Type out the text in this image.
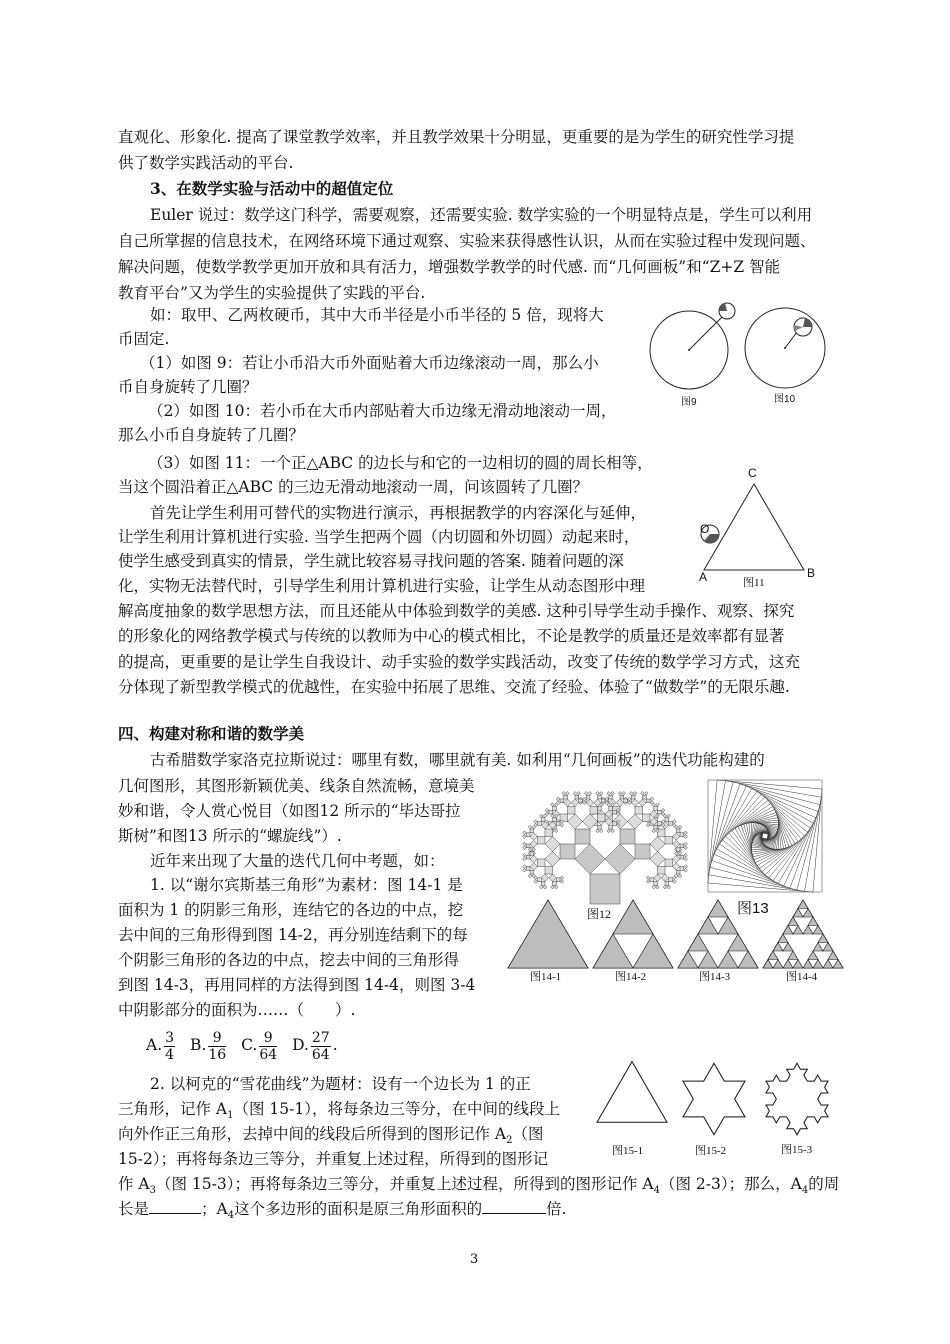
直观化、形象化. 提高了课堂教学效率，并且教学效果十分明显，更重要的是为学生的研究性学习提
供了数学实践活动的平台.
3、在数学实验与活动中的超值定位
Euler 说过：数学这门科学，需要观察，还需要实验. 数学实验的一个明显特点是，学生可以利用
自己所掌握的信息技术，在网络环境下通过观察、实验来获得感性认识，从而在实验过程中发现问题、
解决问题，使数学教学更加开放和具有活力，增强数学教学的时代感. 而“几何画板”和“Z+Z 智能
教育平台”又为学生的实验提供了实践的平台.
如：取甲、乙两枚硬币，其中大币半径是小币半径的 5 倍，现将大
币固定.
（1）如图 9：若让小币沿大币外面贴着大币边缘滚动一周，那么小
币自身旋转了几圈？
（2）如图 10：若小币在大币内部贴着大币边缘无滑动地滚动一周，
那么小币自身旋转了几圈？
（3）如图 11：一个正△ABC 的边长与和它的一边相切的圆的周长相等，
当这个圆沿着正△ABC 的三边无滑动地滚动一周，问该圆转了几圈？
首先让学生利用可替代的实物进行演示，再根据教学的内容深化与延伸，
让学生利用计算机进行实验. 当学生把两个圆（内切圆和外切圆）动起来时，
使学生感受到真实的情景，学生就比较容易寻找问题的答案. 随着问题的深
化，实物无法替代时，引导学生利用计算机进行实验，让学生从动态图形中理
解高度抽象的数学思想方法，而且还能从中体验到数学的美感. 这种引导学生动手操作、观察、探究
的形象化的网络教学模式与传统的以教师为中心的模式相比，不论是教学的质量还是效率都有显著
的提高，更重要的是让学生自我设计、动手实验的数学实践活动，改变了传统的数学学习方式，这充
分体现了新型教学模式的优越性，在实验中拓展了思维、交流了经验、体验了“做数学”的无限乐趣.
图9	图10
C
O
A	B
图11
四、构建对称和谐的数学美
古希腊数学家洛克拉斯说过：哪里有数，哪里就有美. 如利用“几何画板”的迭代功能构建的
几何图形，其图形新颖优美、线条自然流畅，意境美
妙和谐，令人赏心悦目（如图12 所示的“毕达哥拉
斯树”和图13 所示的“螺旋线”）.
近年来出现了大量的迭代几何中考题，如：
1. 以“谢尔宾斯基三角形”为素材：图 14-1 是
面积为 1 的阴影三角形，连结它的各边的中点，挖
去中间的三角形得到图 14-2，再分别连结剩下的每
个阴影三角形的各边的中点，挖去中间的三角形得
到图 14-3，再用同样的方法得到图 14-4，则图 3-4
中阴影部分的面积为……（　　）.
A. $\frac{3}{4} B$. $\frac{9}{16} C$. $\frac{9}{64} D$. $\frac{27}{64}$ .
2. 以柯克的“雪花曲线”为题材：设有一个边长为 1 的正
三角形，记作 $A_1$（图 15-1），将每条边三等分，在中间的线段上
向外作正三角形，去掉中间的线段后所得到的图形记作 $A_2$（图
15-2）；再将每条边三等分，并重复上述过程，所得到的图形记
作 $A_3$（图 15-3）；再将每条边三等分，并重复上述过程，所得到的图形记作 $A_4$（图 2-3）；那么，$A_4$的周
长是	；$A_4$这个多边形的面积是原三角形面积的	倍.
图12	图13
图14-1	图14-2	图14-3	图14-4
图15-1	图15-2	图15-3
3
